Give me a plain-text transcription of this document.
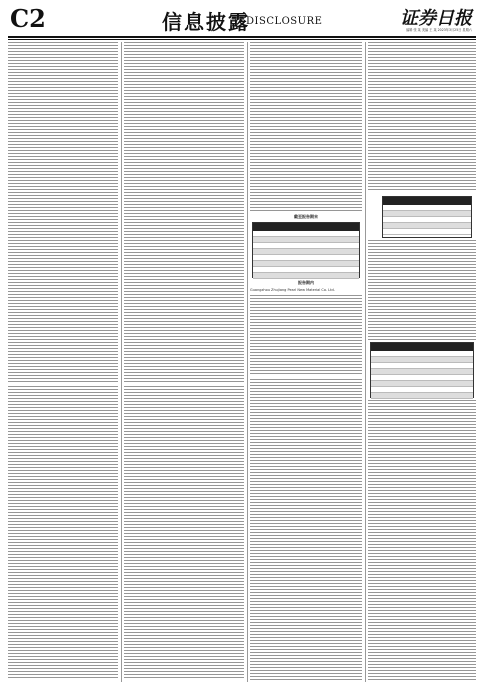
C2	信息披露
DISCLOSURE	证券日报
编辑 张 某 美编 王 某 2023年3月25日 星期六
截至报告期末
报告期内
Guangzhou Zhujiang Pearl New Material Co. Ltd.
